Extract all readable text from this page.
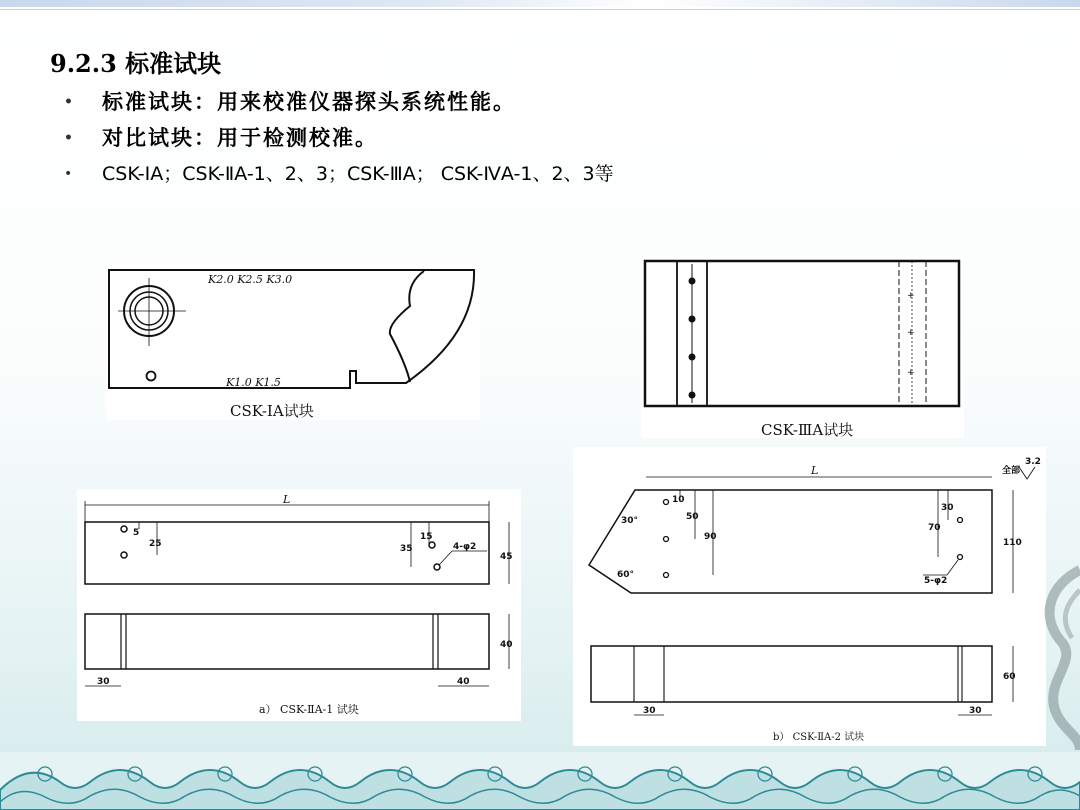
9.2.3 标准试块
• 标准试块：用来校准仪器探头系统性能。
• 对比试块：用于检测校准。
• CSK-ⅠA；CSK-ⅡA-1、2、3；CSK-ⅢA； CSK-ⅣA-1、2、3等
K2.0 K2.5 K3.0
K1.0 K1.5
CSK-ⅠA试块
+
+
+
CSK-ⅢA试块
L
5
25	35
15
4-φ2
45
40
30	40
a） CSK-ⅡA-1 试块
L	全部
3.2
30°
60°
10
50
90
30
70
5-φ2
110
60
30	30
b） CSK-ⅡA-2 试块
